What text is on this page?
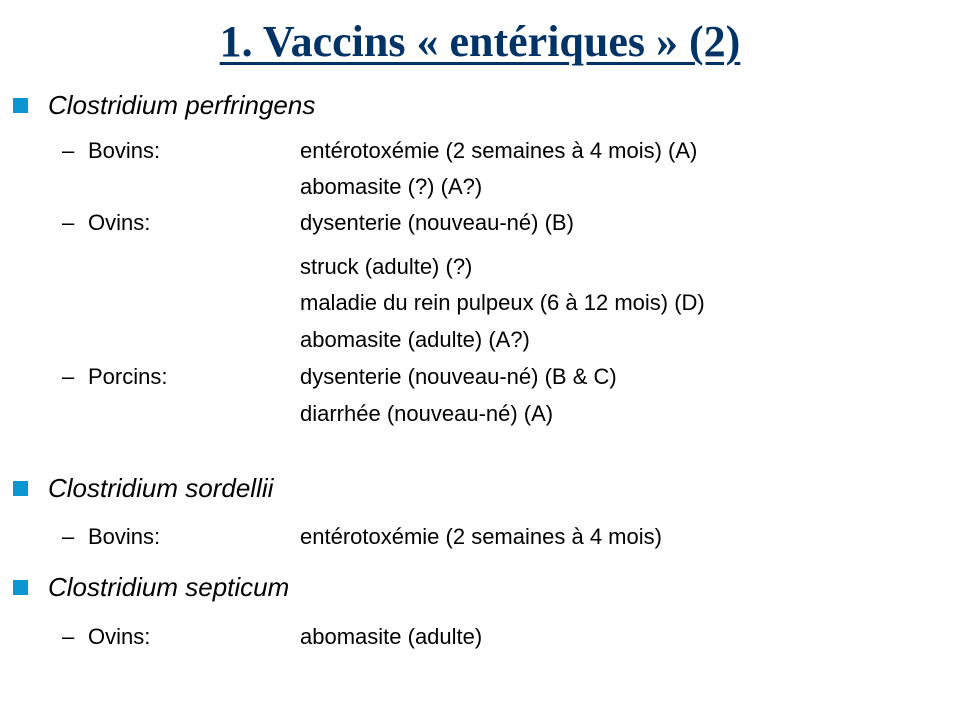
1. Vaccins « entériques » (2)
Clostridium perfringens
– Bovins:	entérotoxémie (2 semaines à 4 mois) (A)
abomasite (?) (A?)
– Ovins:	dysenterie (nouveau-né) (B)
struck (adulte) (?)
maladie du rein pulpeux (6 à 12 mois) (D)
abomasite (adulte) (A?)
– Porcins:	dysenterie (nouveau-né) (B & C)
diarrhée (nouveau-né) (A)
Clostridium sordellii
– Bovins:	entérotoxémie (2 semaines à 4 mois)
Clostridium septicum
– Ovins:	abomasite (adulte)
